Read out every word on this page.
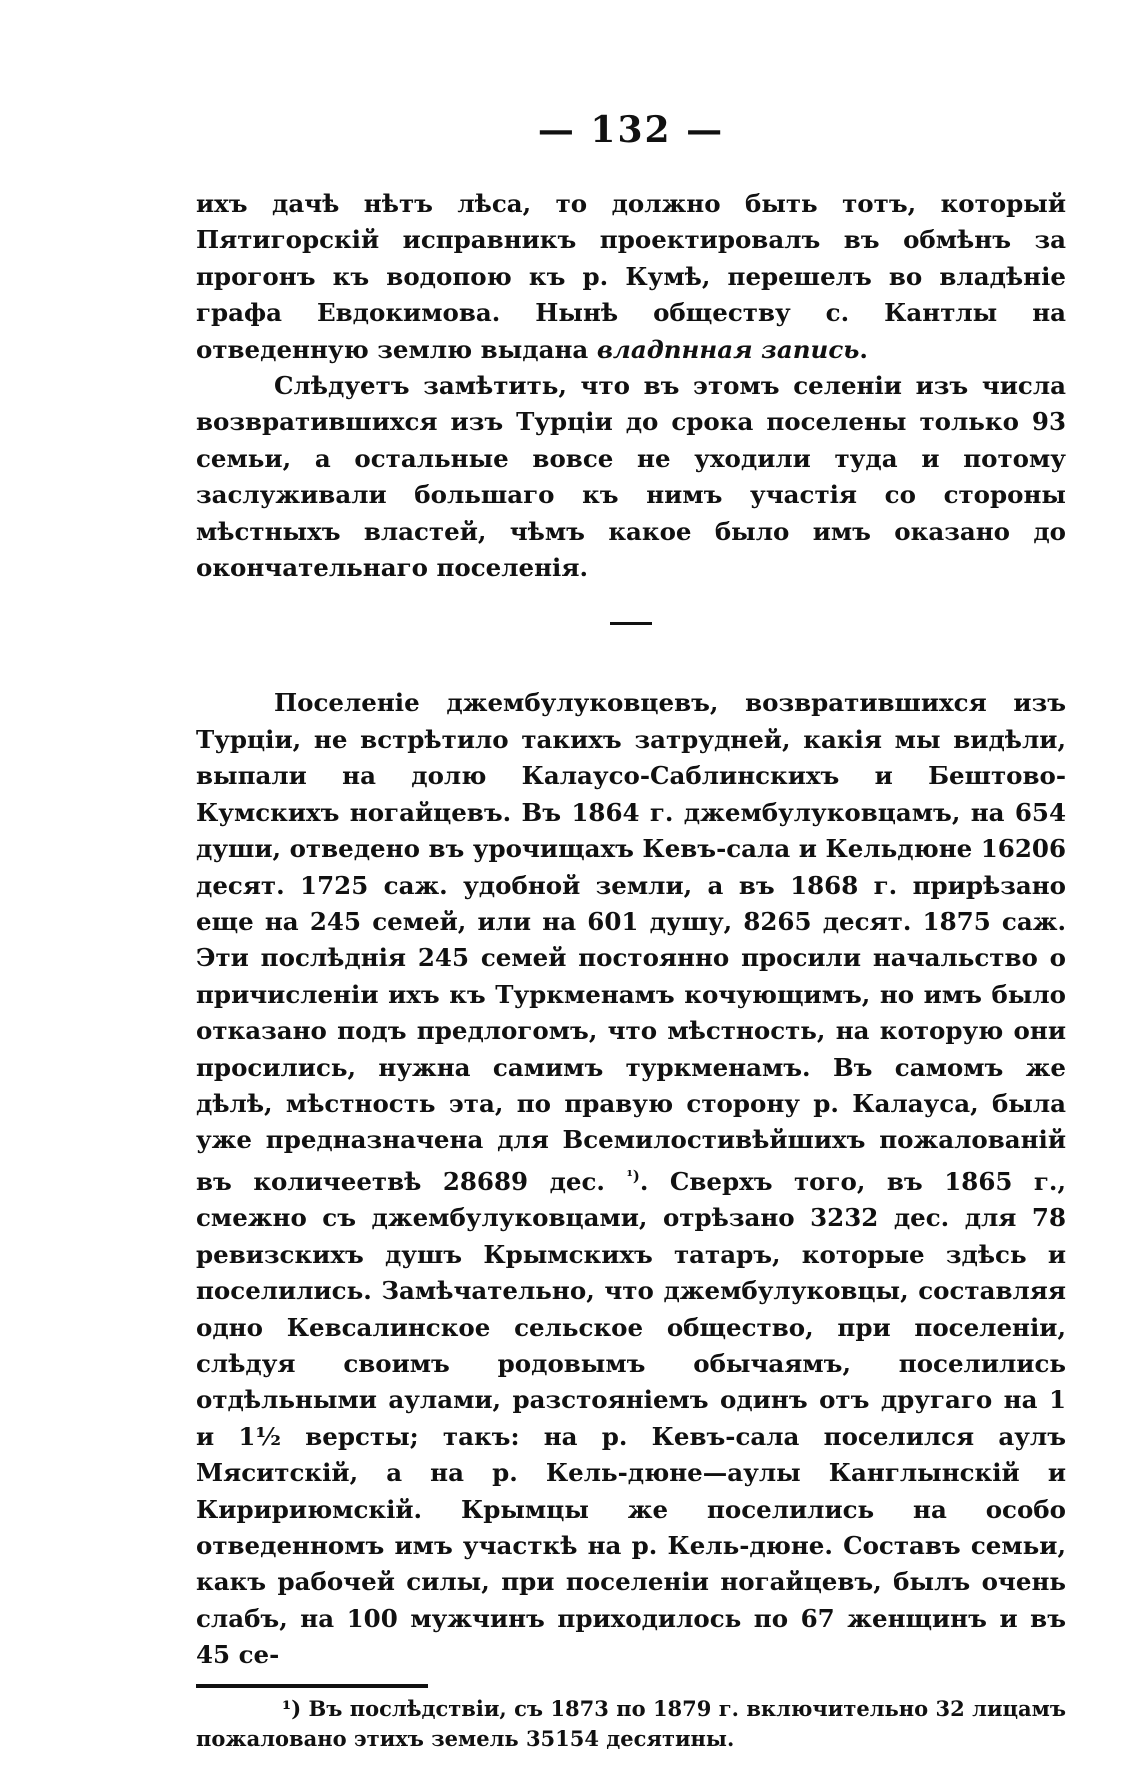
— 132 —

ихъ дачѣ нѣтъ лѣса, то должно быть тотъ, который Пятигорскій исправникъ проектировалъ въ обмѣнъ за прогонъ къ водопою къ р. Кумѣ, перешелъ во владѣніе графа Евдокимова. Нынѣ обществу с. Кантлы на отведенную землю выдана владпнная запись.

Слѣдуетъ замѣтить, что въ этомъ селеніи изъ числа возвратившихся изъ Турціи до срока поселены только 93 семьи, а остальные вовсе не уходили туда и потому заслуживали большаго къ нимъ участія со стороны мѣстныхъ властей, чѣмъ какое было имъ оказано до окончательнаго поселенія.

Поселеніе джембулуковцевъ, возвратившихся изъ Турціи, не встрѣтило такихъ затрудней, какія мы видѣли, выпали на долю Калаусо-Саблинскихъ и Бештово-Кумскихъ ногайцевъ. Въ 1864 г. джембулуковцамъ, на 654 души, отведено въ урочищахъ Кевъ-сала и Кельдюне 16206 десят. 1725 саж. удобной земли, а въ 1868 г. прирѣзано еще на 245 семей, или на 601 душу, 8265 десят. 1875 саж. Эти послѣднія 245 семей постоянно просили начальство о причисленіи ихъ къ Туркменамъ кочующимъ, но имъ было отказано подъ предлогомъ, что мѣстность, на которую они просились, нужна самимъ туркменамъ. Въ самомъ же дѣлѣ, мѣстность эта, по правую сторону р. Калауса, была уже предназначена для Всемилостивѣйшихъ пожалованій въ количеетвѣ 28689 дес. $^{^1)}$. Сверхъ того, въ 1865 г., смежно съ джембулуковцами, отрѣзано 3232 дес. для 78 ревизскихъ душъ Крымскихъ татаръ, которые здѣсь и поселились. Замѣчательно, что джембулуковцы, составляя одно Кевсалинское сельское общество, при поселеніи, слѣдуя своимъ родовымъ обычаямъ, поселились отдѣльными аулами, разстояніемъ одинъ отъ другаго на 1 и 1½ версты; такъ: на р. Кевъ-сала поселился аулъ Мяситскій, а на р. Кель-дюне—аулы Канглынскій и Киририюмскій. Крымцы же поселились на особо отведенномъ имъ участкѣ на р. Кель-дюне. Составъ семьи, какъ рабочей силы, при поселеніи ногайцевъ, былъ очень слабъ, на 100 мужчинъ приходилось по 67 женщинъ и въ 45 се-

¹) Въ послѣдствіи, съ 1873 по 1879 г. включительно 32 лицамъ пожаловано этихъ земель 35154 десятины.
